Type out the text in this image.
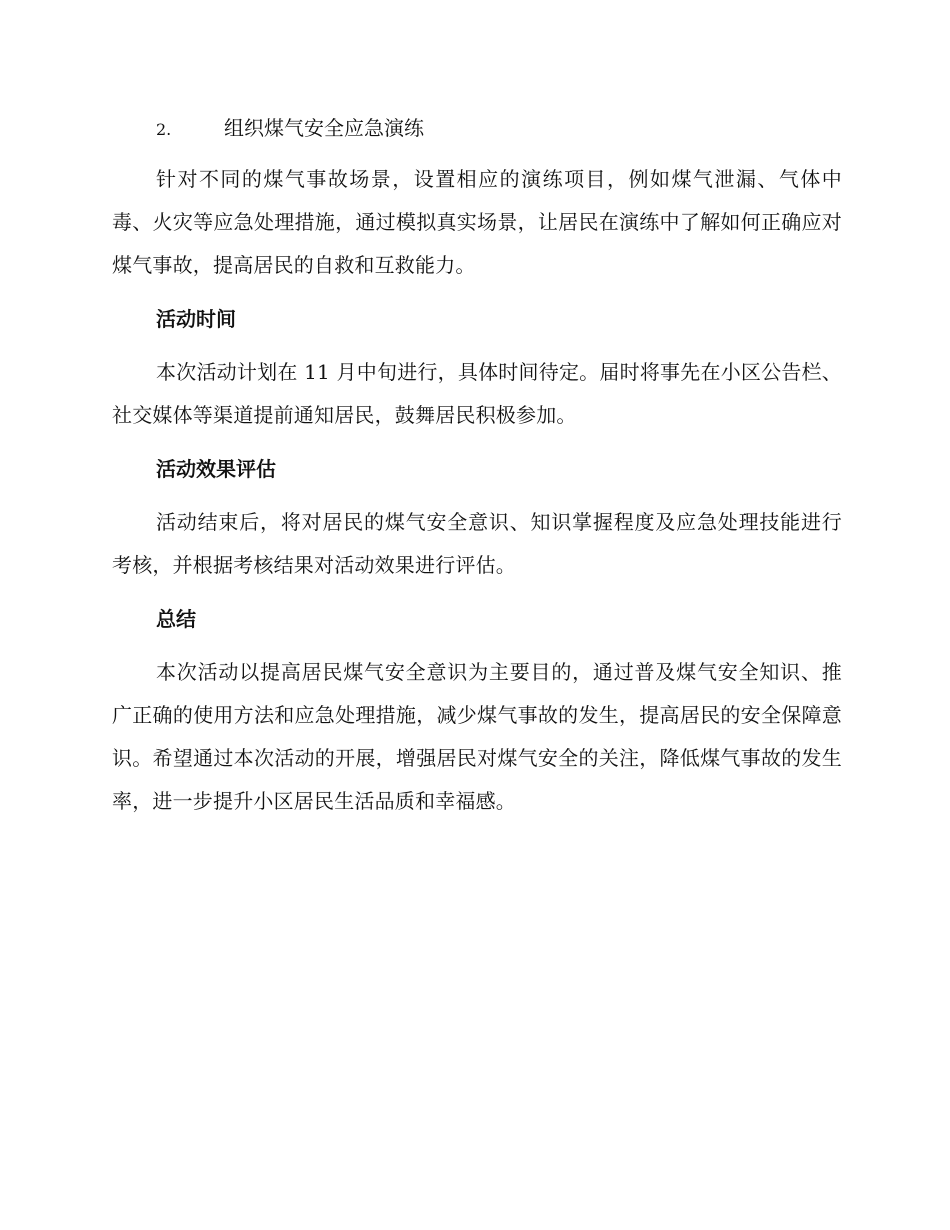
2.	组织煤气安全应急演练

针对不同的煤气事故场景，设置相应的演练项目，例如煤气泄漏、气体中毒、火灾等应急处理措施，通过模拟真实场景，让居民在演练中了解如何正确应对煤气事故，提高居民的自救和互救能力。

活动时间

本次活动计划在 11 月中旬进行，具体时间待定。届时将事先在小区公告栏、社交媒体等渠道提前通知居民，鼓舞居民积极参加。

活动效果评估

活动结束后，将对居民的煤气安全意识、知识掌握程度及应急处理技能进行考核，并根据考核结果对活动效果进行评估。

总结

本次活动以提高居民煤气安全意识为主要目的，通过普及煤气安全知识、推广正确的使用方法和应急处理措施，减少煤气事故的发生，提高居民的安全保障意识。希望通过本次活动的开展，增强居民对煤气安全的关注，降低煤气事故的发生率，进一步提升小区居民生活品质和幸福感。
